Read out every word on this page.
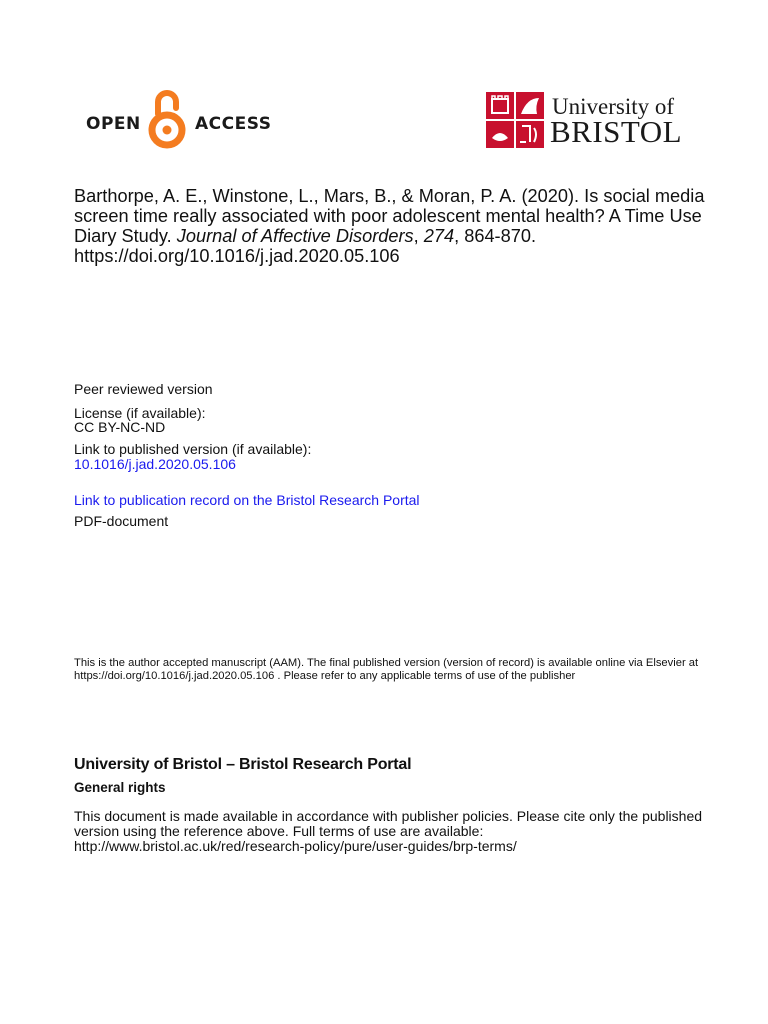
OPEN	ACCESS
University of
BRISTOL
Barthorpe, A. E., Winstone, L., Mars, B., & Moran, P. A. (2020). Is social media screen time really associated with poor adolescent mental health? A Time Use Diary Study. Journal of Affective Disorders, 274, 864-870. https://doi.org/10.1016/j.jad.2020.05.106
Peer reviewed version
License (if available):
CC BY-NC-ND
Link to published version (if available):
10.1016/j.jad.2020.05.106
Link to publication record on the Bristol Research Portal
PDF-document
This is the author accepted manuscript (AAM). The final published version (version of record) is available online via Elsevier at https://doi.org/10.1016/j.jad.2020.05.106 . Please refer to any applicable terms of use of the publisher
University of Bristol – Bristol Research Portal
General rights
This document is made available in accordance with publisher policies. Please cite only the published version using the reference above. Full terms of use are available: http://www.bristol.ac.uk/red/research-policy/pure/user-guides/brp-terms/
